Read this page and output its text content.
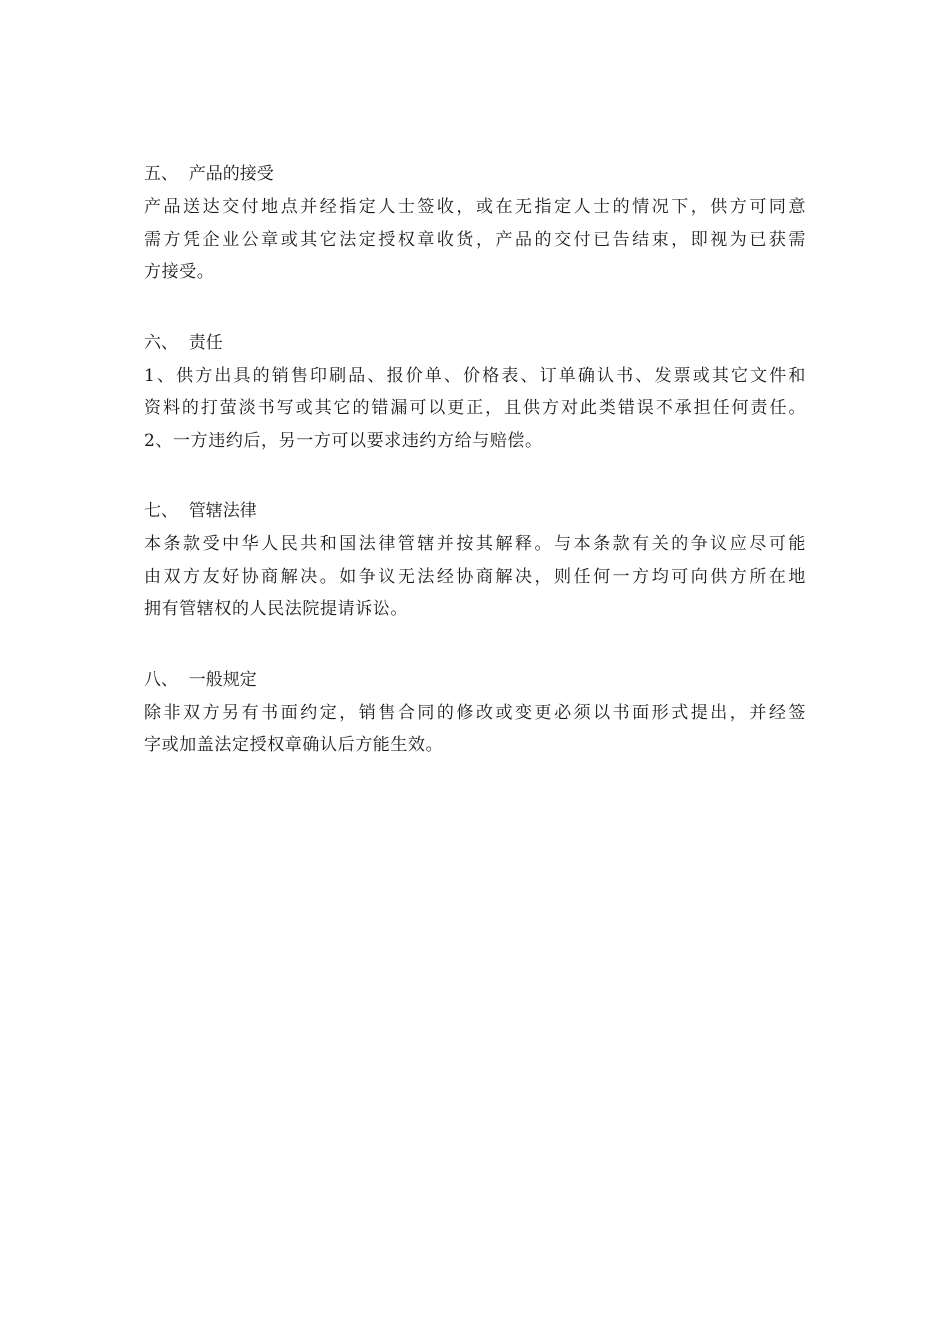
五、  产品的接受

产品送达交付地点并经指定人士签收，或在无指定人士的情况下，供方可同意

需方凭企业公章或其它法定授权章收货，产品的交付已告结束，即视为已获需

方接受。

六、  责任

1、供方出具的销售印刷品、报价单、价格表、订单确认书、发票或其它文件和

资料的打萤淡书写或其它的错漏可以更正，且供方对此类错误不承担任何责任。

2、一方违约后，另一方可以要求违约方给与赔偿。

七、  管辖法律

本条款受中华人民共和国法律管辖并按其解释。与本条款有关的争议应尽可能

由双方友好协商解决。如争议无法经协商解决，则任何一方均可向供方所在地

拥有管辖权的人民法院提请诉讼。

八、  一般规定

除非双方另有书面约定，销售合同的修改或变更必须以书面形式提出，并经签

字或加盖法定授权章确认后方能生效。
